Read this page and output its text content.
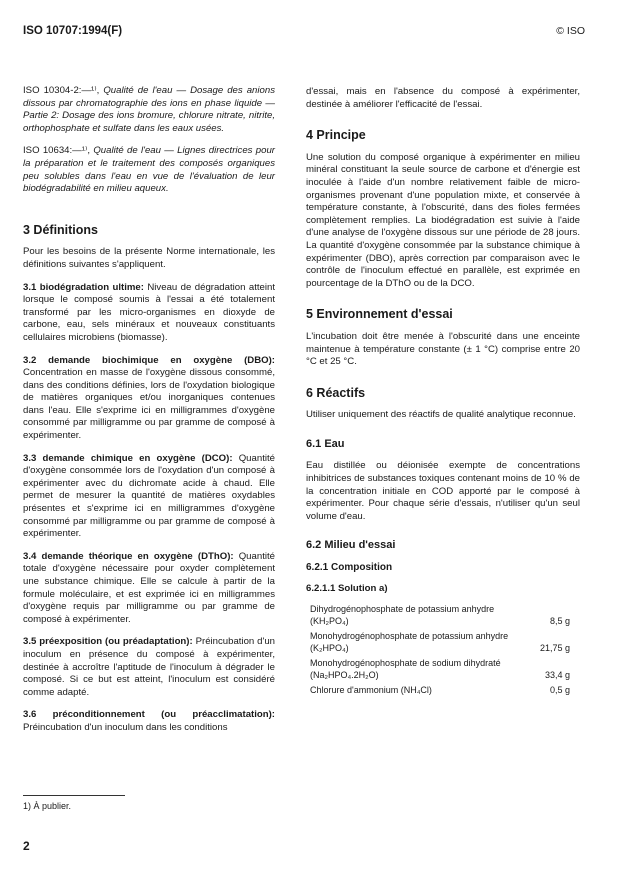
ISO 10707:1994(F)	© ISO

ISO 10304-2:—¹⁾, Qualité de l'eau — Dosage des anions dissous par chromatographie des ions en phase liquide — Partie 2: Dosage des ions bromure, chlorure nitrate, nitrite, orthophosphate et sulfate dans les eaux usées.

ISO 10634:—¹⁾, Qualité de l'eau — Lignes directrices pour la préparation et le traitement des composés organiques peu solubles dans l'eau en vue de l'évaluation de leur biodégradabilité en milieu aqueux.

3 Définitions

Pour les besoins de la présente Norme internationale, les définitions suivantes s'appliquent.

3.1 biodégradation ultime: Niveau de dégradation atteint lorsque le composé soumis à l'essai a été totalement transformé par les micro-organismes en dioxyde de carbone, eau, sels minéraux et nouveaux constituants cellulaires microbiens (biomasse).

3.2 demande biochimique en oxygène (DBO): Concentration en masse de l'oxygène dissous consommé, dans des conditions définies, lors de l'oxydation biologique de matières organiques et/ou inorganiques contenues dans l'eau. Elle s'exprime ici en milligrammes d'oxygène consommé par milligramme ou par gramme de composé à expérimenter.

3.3 demande chimique en oxygène (DCO): Quantité d'oxygène consommée lors de l'oxydation d'un composé à expérimenter avec du dichromate acide à chaud. Elle permet de mesurer la quantité de matières oxydables présentes et s'exprime ici en milligrammes d'oxygène consommé par milligramme ou par gramme de composé à expérimenter.

3.4 demande théorique en oxygène (DThO): Quantité totale d'oxygène nécessaire pour oxyder complètement une substance chimique. Elle se calcule à partir de la formule moléculaire, et est exprimée ici en milligrammes d'oxygène requis par milligramme ou par gramme de composé à expérimenter.

3.5 préexposition (ou préadaptation): Préincubation d'un inoculum en présence du composé à expérimenter, destinée à accroître l'aptitude de l'inoculum à dégrader le composé. Si ce but est atteint, l'inoculum est considéré comme adapté.

3.6 préconditionnement (ou préacclimatation): Préincubation d'un inoculum dans les conditions

d'essai, mais en l'absence du composé à expérimenter, destinée à améliorer l'efficacité de l'essai.

4 Principe

Une solution du composé organique à expérimenter en milieu minéral constituant la seule source de carbone et d'énergie est inoculée à l'aide d'un nombre relativement faible de micro-organismes provenant d'une population mixte, et conservée à température constante, à l'obscurité, dans des fioles fermées complètement remplies. La biodégradation est suivie à l'aide d'une analyse de l'oxygène dissous sur une période de 28 jours. La quantité d'oxygène consommée par la substance chimique à expérimenter (DBO), après correction par comparaison avec le contrôle de l'inoculum effectué en parallèle, est exprimée en pourcentage de la DThO ou de la DCO.

5 Environnement d'essai

L'incubation doit être menée à l'obscurité dans une enceinte maintenue à température constante (± 1 °C) comprise entre 20 °C et 25 °C.

6 Réactifs

Utiliser uniquement des réactifs de qualité analytique reconnue.

6.1 Eau

Eau distillée ou déionisée exempte de concentrations inhibitrices de substances toxiques contenant moins de 10 % de la concentration initiale en COD apporté par le composé à expérimenter. Pour chaque série d'essais, n'utiliser qu'un seul volume d'eau.

6.2 Milieu d'essai
6.2.1 Composition
6.2.1.1 Solution a)
Dihydrogénophosphate de potassium anhydre (KH₂PO₄)	8,5 g
Monohydrogénophosphate de potassium anhydre (K₂HPO₄)	21,75 g
Monohydrogénophosphate de sodium dihydraté (Na₂HPO₄.2H₂O)	33,4 g
Chlorure d'ammonium (NH₄Cl)	0,5 g
1) À publier.
2
